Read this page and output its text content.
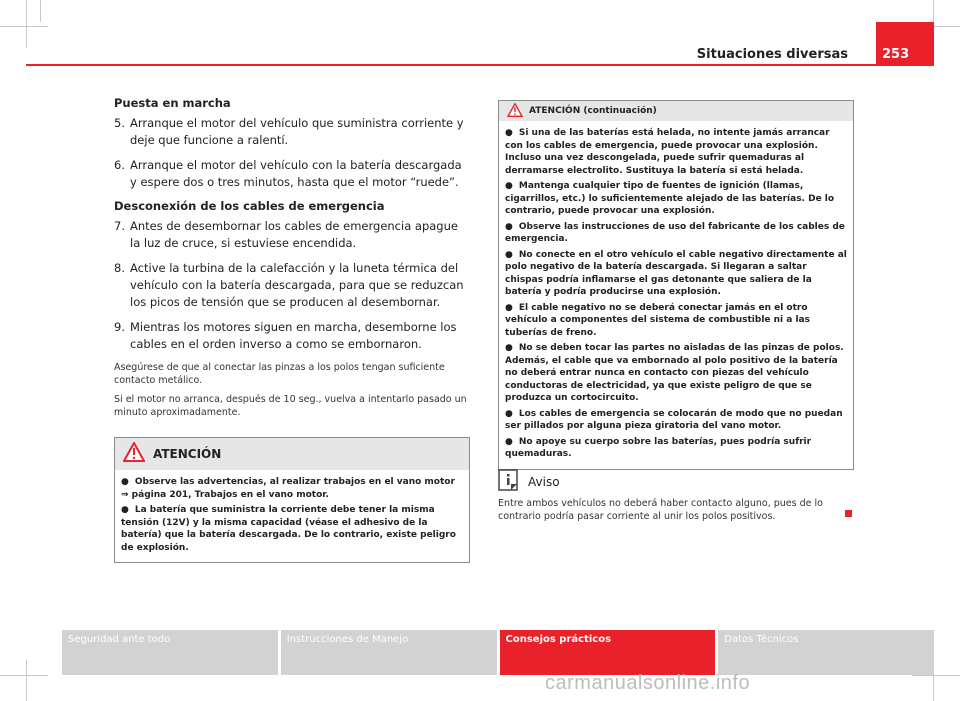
Situaciones diversas	253
Puesta en marcha
5. Arranque el motor del vehículo que suministra corriente y deje que funcione a ralentí.
6. Arranque el motor del vehículo con la batería descargada y espere dos o tres minutos, hasta que el motor “ruede”.
Desconexión de los cables de emergencia
7. Antes de desembornar los cables de emergencia apague la luz de cruce, si estuviese encendida.
8. Active la turbina de la calefacción y la luneta térmica del vehículo con la batería descargada, para que se reduzcan los picos de tensión que se producen al desembornar.
9. Mientras los motores siguen en marcha, desemborne los cables en el orden inverso a como se embornaron.

Asegúrese de que al conectar las pinzas a los polos tengan suficiente contacto metálico.

Si el motor no arranca, después de 10 seg., vuelva a intentarlo pasado un minuto aproximadamente.

ATENCIÓN
● Observe las advertencias, al realizar trabajos en el vano motor ⇒ página 201, Trabajos en el vano motor.
● La batería que suministra la corriente debe tener la misma tensión (12V) y la misma capacidad (véase el adhesivo de la batería) que la batería descargada. De lo contrario, existe peligro de explosión.
ATENCIÓN (continuación)
● Si una de las baterías está helada, no intente jamás arrancar con los cables de emergencia, puede provocar una explosión. Incluso una vez descongelada, puede sufrir quemaduras al derramarse electrolito. Sustituya la batería si está helada.
● Mantenga cualquier tipo de fuentes de ignición (llamas, cigarrillos, etc.) lo suficientemente alejado de las baterías. De lo contrario, puede provocar una explosión.
● Observe las instrucciones de uso del fabricante de los cables de emergencia.
● No conecte en el otro vehículo el cable negativo directamente al polo negativo de la batería descargada. Si llegaran a saltar chispas podría inflamarse el gas detonante que saliera de la batería y podría producirse una explosión.
● El cable negativo no se deberá conectar jamás en el otro vehículo a componentes del sistema de combustible ni a las tuberías de freno.
● No se deben tocar las partes no aisladas de las pinzas de polos. Además, el cable que va embornado al polo positivo de la batería no deberá entrar nunca en contacto con piezas del vehículo conductoras de electricidad, ya que existe peligro de que se produzca un cortocircuito.
● Los cables de emergencia se colocarán de modo que no puedan ser pillados por alguna pieza giratoria del vano motor.
● No apoye su cuerpo sobre las baterías, pues podría sufrir quemaduras.
Aviso
Entre ambos vehículos no deberá haber contacto alguno, pues de lo contrario podría pasar corriente al unir los polos positivos.
Seguridad ante todo	Instrucciones de Manejo	Consejos prácticos	Datos Técnicos
carmanualsonline.info
